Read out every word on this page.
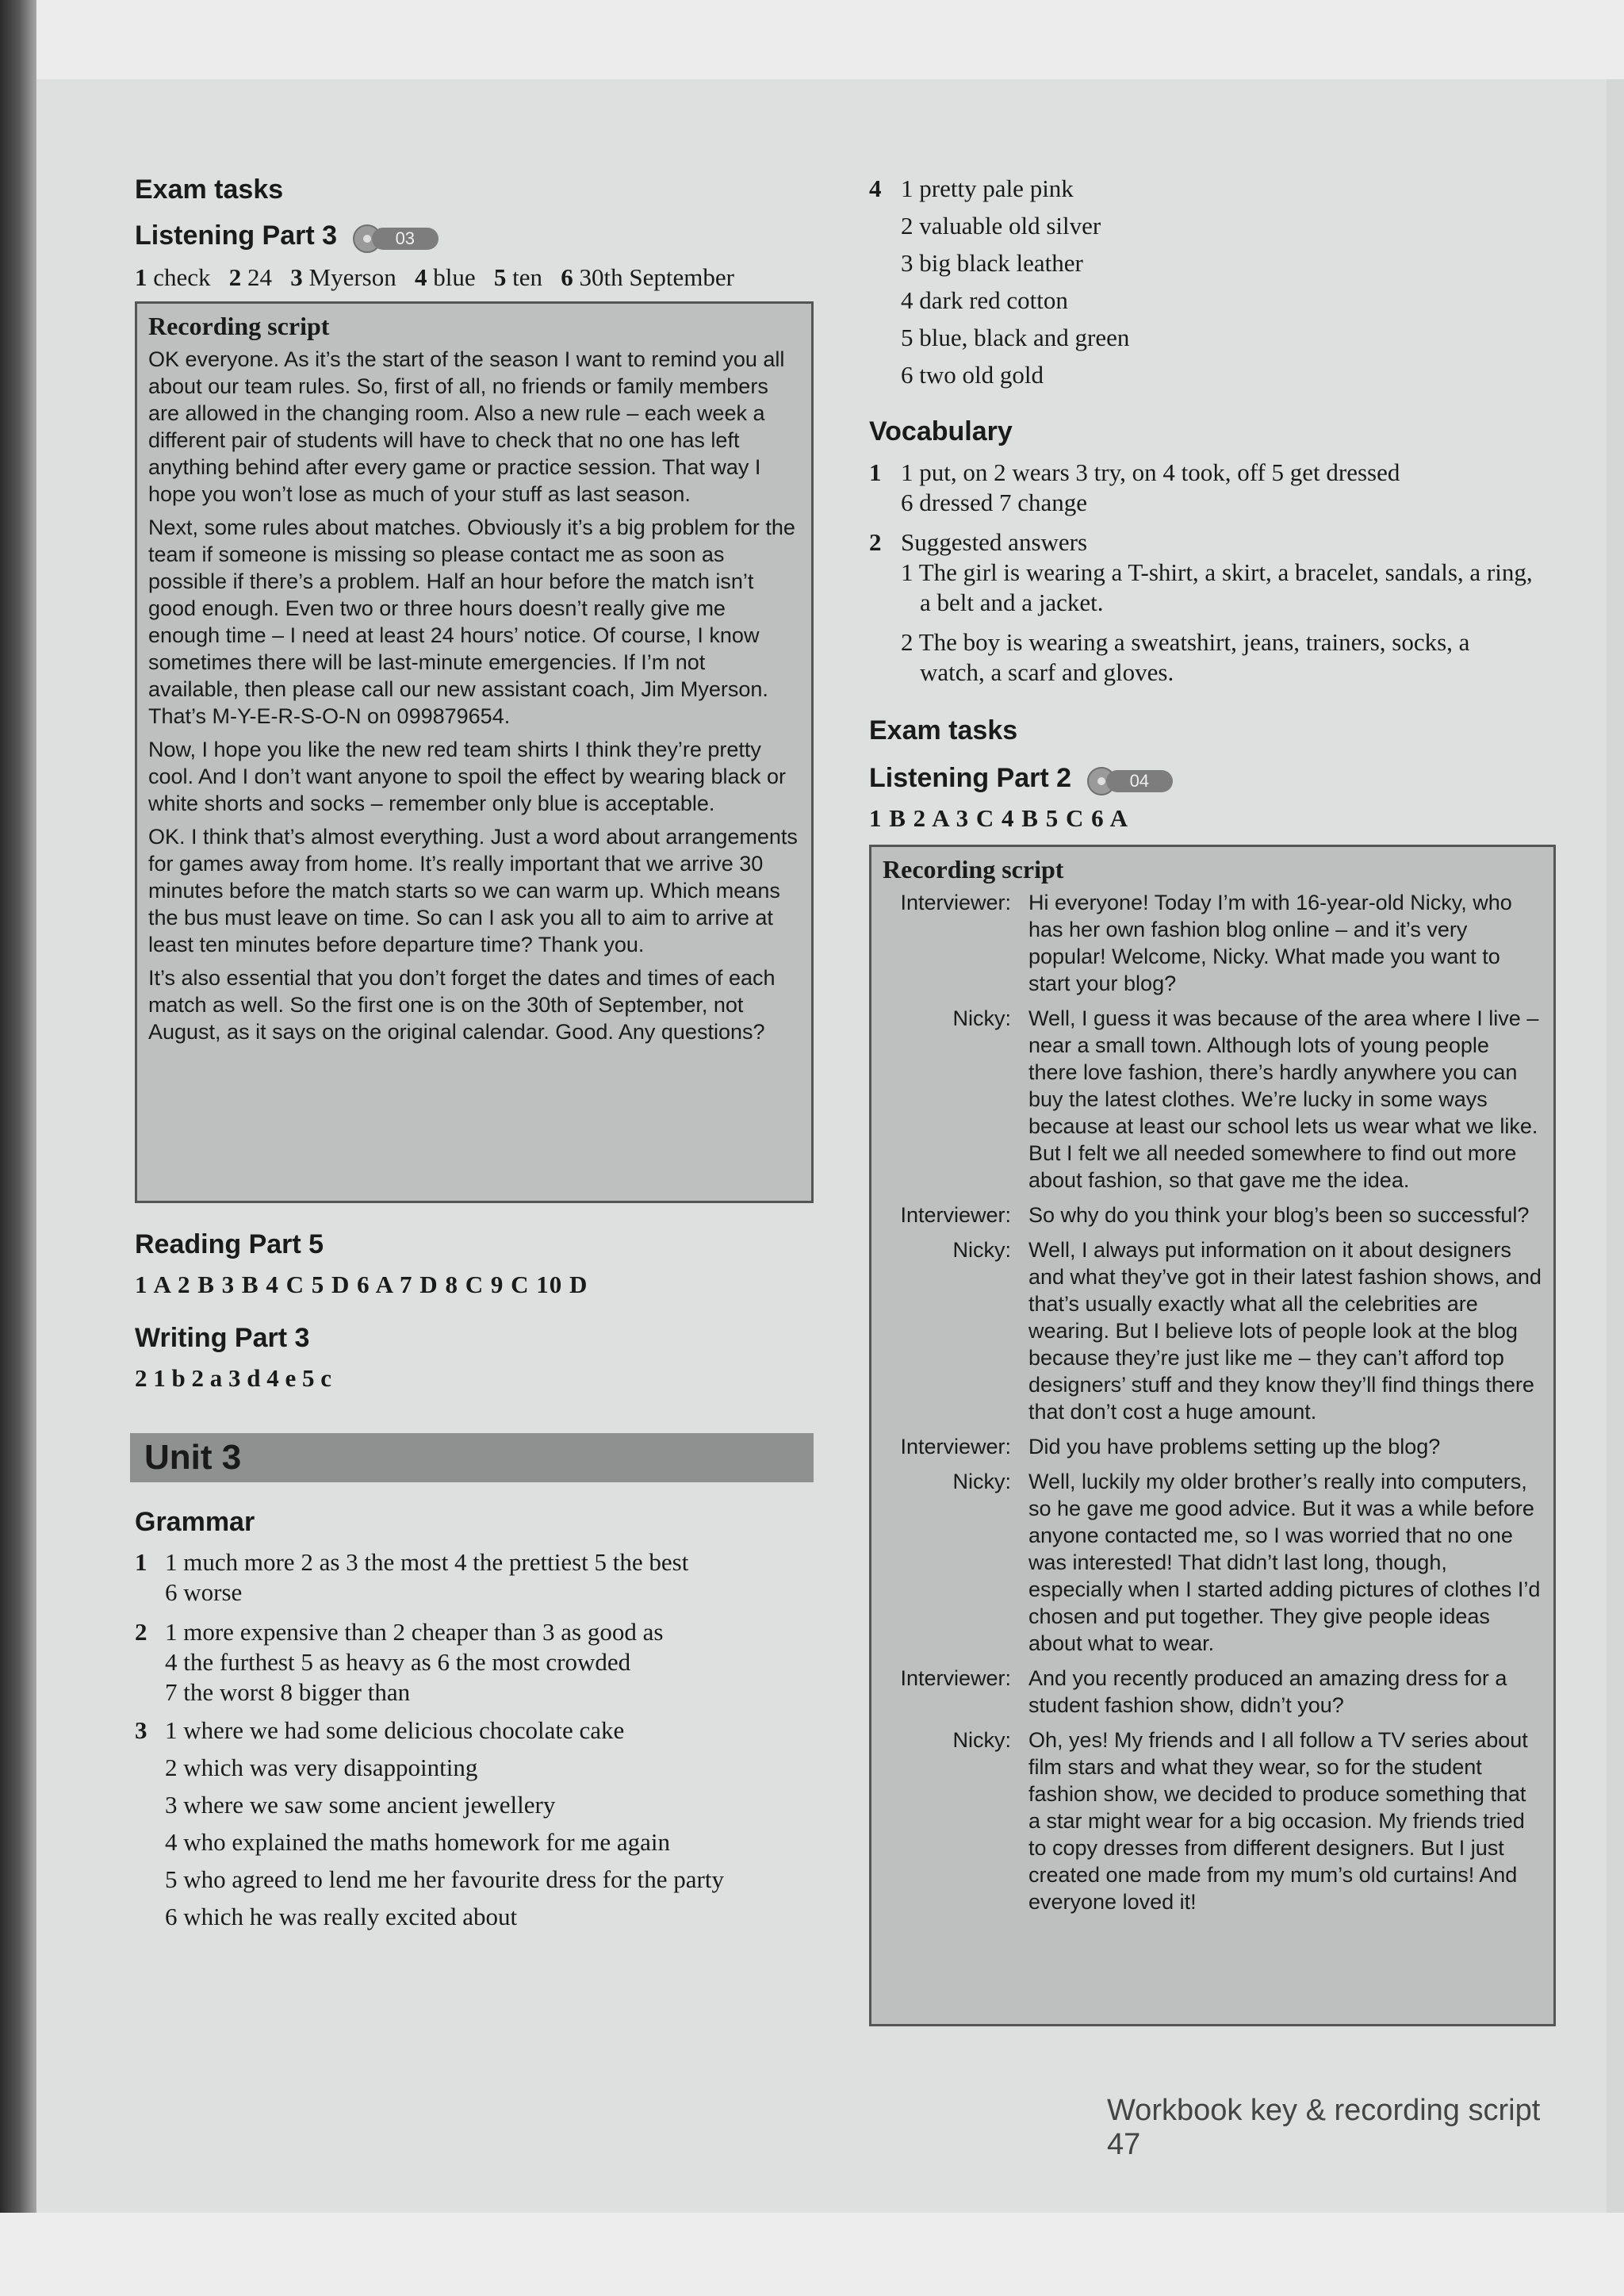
Exam tasks
Listening Part 3	03
1 check 2 24 3 Myerson 4 blue 5 ten 6 30th September
Recording script

OK everyone. As it’s the start of the season I want to remind you all about our team rules. So, first of all, no friends or family members are allowed in the changing room. Also a new rule – each week a different pair of students will have to check that no one has left anything behind after every game or practice session. That way I hope you won’t lose as much of your stuff as last season.

Next, some rules about matches. Obviously it’s a big problem for the team if someone is missing so please contact me as soon as possible if there’s a problem. Half an hour before the match isn’t good enough. Even two or three hours doesn’t really give me enough time – I need at least 24 hours’ notice. Of course, I know sometimes there will be last-minute emergencies. If I’m not available, then please call our new assistant coach, Jim Myerson. That’s M-Y-E-R-S-O-N on 099879654.

Now, I hope you like the new red team shirts I think they’re pretty cool. And I don’t want anyone to spoil the effect by wearing black or white shorts and socks – remember only blue is acceptable.

OK. I think that’s almost everything. Just a word about arrangements for games away from home. It’s really important that we arrive 30 minutes before the match starts so we can warm up. Which means the bus must leave on time. So can I ask you all to aim to arrive at least ten minutes before departure time? Thank you.

It’s also essential that you don’t forget the dates and times of each match as well. So the first one is on the 30th of September, not August, as it says on the original calendar. Good. Any questions?

Reading Part 5
1 A 2 B 3 B 4 C 5 D 6 A 7 D 8 C 9 C 10 D
Writing Part 3
2 1 b 2 a 3 d 4 e 5 c
Unit 3
Grammar
1 1 much more 2 as 3 the most 4 the prettiest 5 the best
6 worse
2 1 more expensive than 2 cheaper than 3 as good as
4 the furthest 5 as heavy as 6 the most crowded
7 the worst 8 bigger than
3 1 where we had some delicious chocolate cake
2 which was very disappointing
3 where we saw some ancient jewellery
4 who explained the maths homework for me again
5 who agreed to lend me her favourite dress for the party
6 which he was really excited about
4 1 pretty pale pink
2 valuable old silver
3 big black leather
4 dark red cotton
5 blue, black and green
6 two old gold
Vocabulary
1 1 put, on 2 wears 3 try, on 4 took, off 5 get dressed
6 dressed 7 change
2 Suggested answers
1 The girl is wearing a T-shirt, a skirt, a bracelet, sandals, a ring,
a belt and a jacket.
2 The boy is wearing a sweatshirt, jeans, trainers, socks, a
watch, a scarf and gloves.
Exam tasks
Listening Part 2	04
1 B 2 A 3 C 4 B 5 C 6 A
Recording script
Interviewer: Hi everyone! Today I’m with 16-year-old Nicky, who has her own fashion blog online – and it’s very popular! Welcome, Nicky. What made you want to start your blog?
Nicky: Well, I guess it was because of the area where I live – near a small town. Although lots of young people there love fashion, there’s hardly anywhere you can buy the latest clothes. We’re lucky in some ways because at least our school lets us wear what we like. But I felt we all needed somewhere to find out more about fashion, so that gave me the idea.
Interviewer: So why do you think your blog’s been so successful?
Nicky: Well, I always put information on it about designers and what they’ve got in their latest fashion shows, and that’s usually exactly what all the celebrities are wearing. But I believe lots of people look at the blog because they’re just like me – they can’t afford top designers’ stuff and they know they’ll find things there that don’t cost a huge amount.
Interviewer: Did you have problems setting up the blog?
Nicky: Well, luckily my older brother’s really into computers, so he gave me good advice. But it was a while before anyone contacted me, so I was worried that no one was interested! That didn’t last long, though, especially when I started adding pictures of clothes I’d chosen and put together. They give people ideas about what to wear.
Interviewer: And you recently produced an amazing dress for a student fashion show, didn’t you?
Nicky: Oh, yes! My friends and I all follow a TV series about film stars and what they wear, so for the student fashion show, we decided to produce something that a star might wear for a big occasion. My friends tried to copy dresses from different designers. But I just created one made from my mum’s old curtains! And everyone loved it!
Workbook key & recording script  47
